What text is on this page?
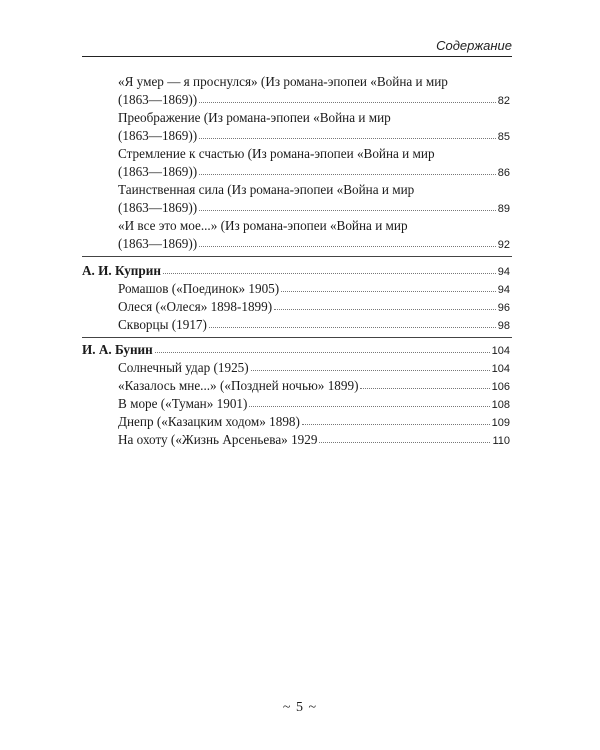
Содержание
«Я умер — я проснулся» (Из романа-эпопеи «Война и мир
(1863—1869))	82
Преображение (Из романа-эпопеи «Война и мир
(1863—1869))	85
Стремление к счастью (Из романа-эпопеи «Война и мир
(1863—1869))	86
Таинственная сила (Из романа-эпопеи «Война и мир
(1863—1869))	89
«И все это мое...» (Из романа-эпопеи «Война и мир
(1863—1869))	92
А. И. Куприн	94
Ромашов («Поединок» 1905)	94
Олеся («Олеся» 1898-1899)	96
Скворцы (1917)	98
И. А. Бунин	104
Солнечный удар (1925)	104
«Казалось мне...» («Поздней ночью» 1899)	106
В море («Туман» 1901)	108
Днепр («Казацким ходом» 1898)	109
На охоту («Жизнь Арсеньева» 1929	110
~ 5 ~
